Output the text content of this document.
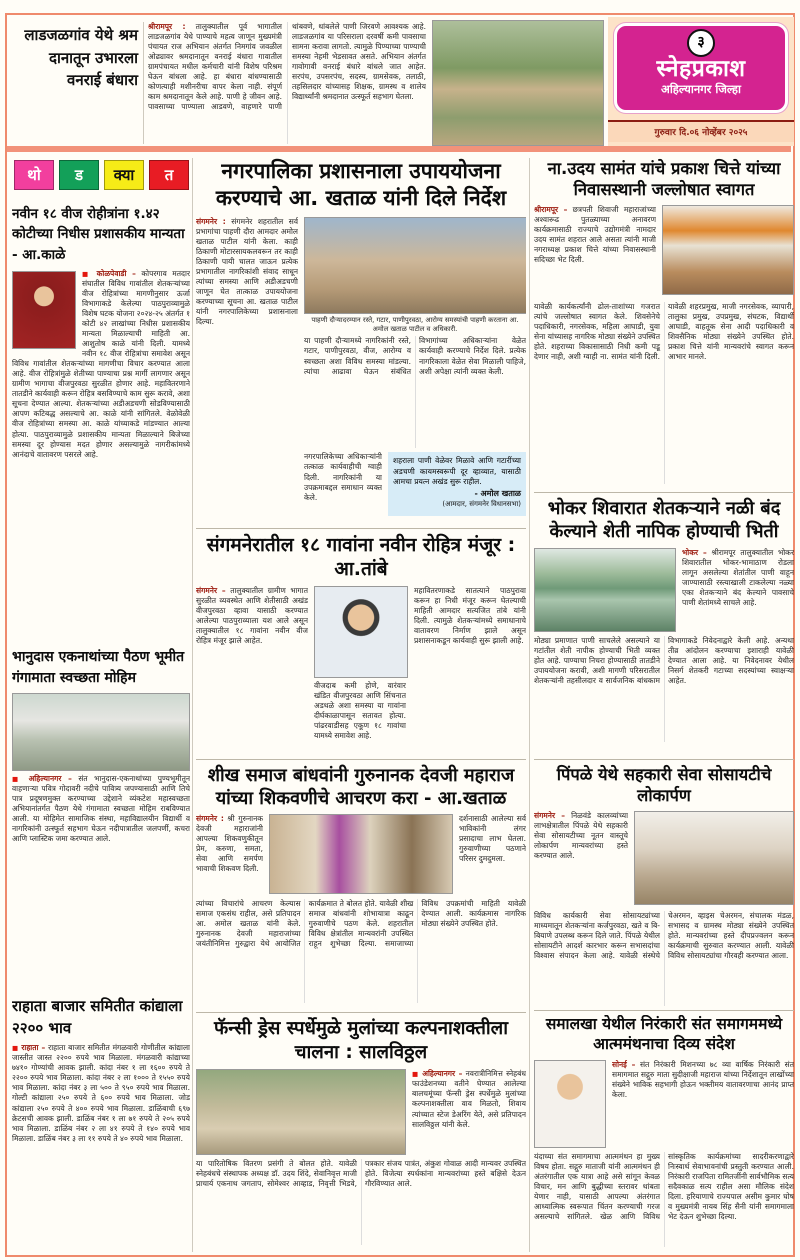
लाडजळगांव येथे श्रम दानातून उभारला वनराई बंधारा
श्रीरामपूर : तालुक्यातील पूर्व भागातील लाडजळगांव येथे पाण्याचे महत्व जाणून मुख्यमंत्री पंचायत राज अभियान अंतर्गत निमगांव जवळील ओढ्यावर श्रमदानातून वनराई बंधारा गावातील ग्रामपंचायत मधील कर्मचारी यांनी विशेष परिश्रम घेऊन बांधला आहे. हा बंधारा बांधण्यासाठी कोणत्याही मशीनरीचा वापर केला नाही. संपूर्ण काम श्रमदानातून केले आहे. पाणी हे जीवन आहे. पावसाच्या पाण्याला आडवणे, वाहणारे पाणी थांबवणे, थांबलेले पाणी जिरवणे आवश्यक आहे. लाडजळगांव या परिसराला दरवर्षी कमी पावसाचा सामना करावा लागतो. त्यामुळे पिण्याच्या पाण्याची समस्या नेहमी भेडसावत असते. अभियान अंतर्गत गावोगावी वनराई बंधारे बांधले जात आहेत. सरपंच, उपसरपंच, सदस्य, ग्रामसेवक, तलाठी, तहसिलदार यांच्यासह शिक्षक, ग्रामस्थ व शालेय विद्यार्थ्यांनी श्रमदानात उत्स्फूर्त सहभाग घेतला.
३
स्नेहप्रकाश
अहिल्यानगर जिल्हा
गुरुवार दि.०६ नोव्हेंबर २०२५
थो	ड	क्या	त
नवीन १८ वीज रोहीत्रांना १.४२ कोटीच्या निधीस प्रशासकीय मान्यता - आ.काळे
■ कोळपेवाडी – कोपरगाव मतदार संघातील विविध गावांतील शेतकऱ्यांच्या वीज रोहित्रांच्या मागणीनुसार ऊर्जा विभागाकडे केलेल्या पाठपुराव्यामुळे विशेष घटक योजना २०२४-२५ अंतर्गत १ कोटी ४२ लाखांच्या निधीस प्रशासकीय मान्यता मिळाल्याची माहिती आ. आशुतोष काळे यांनी दिली. यामध्ये नवीन १८ वीज रोहित्रांचा समावेश असून विविध गावांतील शेतकऱ्यांच्या मागणीचा विचार करण्यात आला आहे. वीज रोहित्रांमुळे शेतीच्या पाण्याचा प्रश्न मार्गी लागणार असून ग्रामीण भागाचा वीजपुरवठा सुरळीत होणार आहे. महावितरणाने तातडीने कार्यवाही करून रोहित्र बसविण्याचे काम सुरू करावे, अशा सूचना देण्यात आल्या. शेतकऱ्यांच्या अडीअडचणी सोडविण्यासाठी आपण कटिबद्ध असल्याचे आ. काळे यांनी सांगितले. वेळोवेळी वीज रोहित्रांच्या समस्या आ. काळे यांच्याकडे मांडण्यात आल्या होत्या. पाठपुराव्यामुळे प्रशासकीय मान्यता मिळाल्याने बिजेच्या समस्या दूर होण्यास मदत होणार असल्यामुळे नागरीकांमध्ये आनंदाचे वातावरण पसरले आहे.
भानुदास एकनाथांच्या पैठण भूमीत गंगामाता स्वच्छता मोहिम
■ अहिल्यानगर – संत भानुदास-एकनाथांच्या पुण्यभूमीतून वाहणाऱ्या पवित्र गोदावरी नदीचे पावित्र्य जपण्यासाठी आणि तिचे पात्र प्रदूषणमुक्त करण्याच्या उद्देशाने व्यंकटेश महास्वच्छता अभियानांतर्गत पैठण येथे गंगामाता स्वच्छता मोहिम राबविण्यात आली. या मोहिमेत सामाजिक संस्था, महाविद्यालयीन विद्यार्थी व नागरिकांनी उत्स्फूर्त सहभाग घेऊन नदीपात्रातील जलपर्णी, कचरा आणि प्लास्टिक जमा करण्यात आले.
राहाता बाजार समितीत कांद्याला २२०० भाव
■ राहाता – राहाता बाजार समितीत मंगळवारी गोणीतील कांद्याला जास्तीत जास्त २२०० रुपये भाव मिळाला. मंगळवारी कांद्याच्या ७४१० गोण्यांची आवक झाली. कांदा नंबर १ ला १६०० रुपये ते २२०० रुपये भाव मिळाला. कांदा नंबर २ ला १००० ते १५५० रुपये भाव मिळाला. कांदा नंबर ३ ला ५०० ते ९५० रुपये भाव मिळाला. गोल्टी कांद्याला २५० रुपये ते ६०० रुपये भाव मिळाला. जोड कांद्याला २५० रुपये ते ४०० रुपये भाव मिळाला. डाळिंबाची ६९७ क्रेटसची आवक झाली. डाळिंब नंबर १ ला ७१ रुपये ते २०५ रुपये भाव मिळाला. डाळिंब नंबर २ ला ४१ रुपये ते १४० रुपये भाव मिळाला. डाळिंब नंबर ३ ला ११ रुपये ते ४० रुपये भाव मिळाला.
नगरपालिका प्रशासनाला उपाययोजना करण्याचे आ. खताळ यांनी दिले निर्देश
संगमनेर : संगमनेर शहरातील सर्व प्रभागांचा पाहणी दौरा आमदार अमोल खताळ पाटील यांनी केला. काही ठिकाणी मोटारसायकलवरून तर काही ठिकाणी पायी चालत जाऊन प्रत्येक प्रभागातील नागरिकांशी संवाद साधून त्यांच्या समस्या आणि अडीअडचणी जाणून घेत तात्काळ उपाययोजना करण्याच्या सूचना आ. खताळ पाटील यांनी नगरपालिकेच्या प्रशासनाला दिल्या.	पाहणी दौऱ्यादरम्यान रस्ते, गटार, पाणीपुरवठा, आरोग्य समस्यांची पाहणी करताना आ. अमोल खताळ पाटील व अधिकारी.
या पाहणी दौऱ्यामध्ये नागरिकांनी रस्ते, गटार, पाणीपुरवठा, वीज, आरोग्य व स्वच्छता अशा विविध समस्या मांडल्या. त्यांचा आढावा घेऊन संबंधित विभागांच्या अधिकाऱ्यांना वेळेत कार्यवाही करण्याचे निर्देश दिले. प्रत्येक नागरिकाला वेळेत सेवा मिळाली पाहिजे, अशी अपेक्षा त्यांनी व्यक्त केली.
नगरपालिकेच्या अधिकाऱ्यांनी तत्काळ कार्यवाहीची ग्वाही दिली. नागरिकांनी या उपक्रमाबद्दल समाधान व्यक्त केले.
शहराला पाणी वेळेवर मिळावे आणि गटारींच्या अडचणी कायमस्वरूपी दूर व्हाव्यात, यासाठी आमचा प्रयत्न अखंड सुरू राहील.
- अमोल खताळ
(आमदार, संगमनेर विधानसभा)
संगमनेरातील १८ गावांना नवीन रोहित्र मंजूर : आ.तांबे
संगमनेर – तालुक्यातील ग्रामीण भागात सुरळीत व्यवस्थेत आणि शेतीसाठी अखंड वीजपुरवठा व्हावा यासाठी करण्यात आलेल्या पाठपुराव्याला यश आले असून तालुक्यातील १८ गावांना नवीन वीज रोहित्र मंजूर झाले आहेत.
वीजदाब कमी होणे, वारंवार खंडित वीजपुरवठा आणि सिंचनात अडथळे अशा समस्या या गावांना दीर्घकाळापासून सतावत होत्या. पांढरवाडीसह एकूण १८ गावांचा यामध्ये समावेश आहे.
महावितरणाकडे सातत्याने पाठपुरावा करून हा निधी मंजूर करून घेतल्याची माहिती आमदार सत्यजित तांबे यांनी दिली. त्यामुळे शेतकऱ्यांमध्ये समाधानाचे वातावरण निर्माण झाले असून प्रशासनाकडून कार्यवाही सुरू झाली आहे.
शीख समाज बांधवांनी गुरुनानक देवजी महाराज यांच्या शिकवणीचे आचरण करा - आ.खताळ
संगमनेर : श्री गुरुनानक देवजी महाराजांनी आपल्या शिकवणुकीतून प्रेम, करुणा, समता, सेवा आणि समर्पण भावाची शिकवण दिली.
दर्शनासाठी आलेल्या सर्व भाविकांनी लंगर प्रसादाचा लाभ घेतला. गुरुवाणीच्या पठणाने परिसर दुमदुमला.
त्यांच्या विचारांचे आचरण केल्यास समाज एकसंध राहील, असे प्रतिपादन आ. अमोल खताळ यांनी केले. गुरुनानक देवजी महाराजांच्या जयंतीनिमित्त गुरुद्वारा येथे आयोजित कार्यक्रमात ते बोलत होते. यावेळी शीख समाज बांधवांनी शोभायात्रा काढून गुरुवाणीचे पठण केले. शहरातील विविध क्षेत्रांतील मान्यवरांनी उपस्थित राहून शुभेच्छा दिल्या. समाजाच्या विविध उपक्रमांची माहिती यावेळी देण्यात आली. कार्यक्रमास नागरिक मोठ्या संख्येने उपस्थित होते.
फॅन्सी ड्रेस स्पर्धेमुळे मुलांच्या कल्पनाशक्तीला चालना : सालविठ्ठल
■ अहिल्यानगर – नवरात्रीनिमित्त स्नेहबंध फाउंडेशनच्या वतीने घेण्यात आलेल्या बालचमूंच्या फॅन्सी ड्रेस स्पर्धेमुळे मुलांच्या कल्पनाशक्तीला वाव मिळतो, शिवाय त्यांच्यात स्टेज डेअरिंग येते, असे प्रतिपादन सालविठ्ठल यांनी केले.
या पारितोषिक वितरण प्रसंगी ते बोलत होते. यावेळी स्नेहबंधचे संस्थापक अध्यक्ष डॉ. उदय शिंदे, सेवानिवृत्त माजी प्राचार्य एकनाथ जगताप, सोमेश्वर आव्हाड, निवृत्ती भिडवे, पत्रकार संजय पात्रंत, अंकुश गोवाळ आदी मान्यवर उपस्थित होते. विजेत्या स्पर्धकांना मान्यवरांच्या हस्ते बक्षिसे देऊन गौरविण्यात आले.
ना.उदय सामंत यांचे प्रकाश चित्ते यांच्या निवासस्थानी जल्लोषात स्वागत
श्रीरामपूर – छत्रपती शिवाजी महाराजांच्या अश्वारूढ पुतळ्याच्या अनावरण कार्यक्रमासाठी राज्याचे उद्योगमंत्री नामदार उदय सामंत शहरात आले असता त्यांनी माजी नगराध्यक्ष प्रकाश चित्ते यांच्या निवासस्थानी सदिच्छा भेट दिली.
यावेळी कार्यकर्त्यांनी ढोल-ताशांच्या गजरात त्यांचे जल्लोषात स्वागत केले. शिवसेनेचे पदाधिकारी, नगरसेवक, महिला आघाडी, युवा सेना यांच्यासह नागरिक मोठ्या संख्येने उपस्थित होते. शहराच्या विकासासाठी निधी कमी पडू देणार नाही, अशी ग्वाही ना. सामंत यांनी दिली. यावेळी शहरप्रमुख, माजी नगरसेवक, व्यापारी, तालुका प्रमुख, उपप्रमुख, संघटक, विद्यार्थी आघाडी, वाहतूक सेना आदी पदाधिकारी व शिवसैनिक मोठ्या संख्येने उपस्थित होते. प्रकाश चित्ते यांनी मान्यवरांचे स्वागत करून आभार मानले.
भोकर शिवारात शेतकऱ्याने नळी बंद केल्याने शेती नापिक होण्याची भिती
भोकर – श्रीरामपूर तालुक्यातील भोकर शिवारातील भोकर-भामाठाण रोडला लागून असलेल्या शेतांतील पाणी वाहून जाण्यासाठी रस्त्याखाली टाकलेल्या नळ्या एका शेतकऱ्याने बंद केल्याने पावसाचे पाणी शेतांमध्ये साचले आहे.
मोठ्या प्रमाणात पाणी साचलेले असल्याने या गटांतील शेती नापीक होण्याची भिती व्यक्त होत आहे. पाण्याचा निचरा होण्यासाठी तातडीने उपाययोजना करावी, अशी मागणी परिसरातील शेतकऱ्यांनी तहसीलदार व सार्वजनिक बांधकाम विभागाकडे निवेदनाद्वारे केली आहे. अन्यथा तीव्र आंदोलन करण्याचा इशाराही यावेळी देण्यात आला आहे. या निवेदनावर येथील निसर्ग शेतकरी गटाच्या सदस्यांच्या स्वाक्षऱ्या आहेत.
पिंपळे येथे सहकारी सेवा सोसायटीचे लोकार्पण
संगमनेर – निळवंडे कालव्यांच्या लाभक्षेत्रातील पिंपळे येथे सहकारी सेवा सोसायटीच्या नूतन वास्तूचे लोकार्पण मान्यवरांच्या हस्ते करण्यात आले.
विविध कार्यकारी सेवा सोसायट्यांच्या माध्यमातून शेतकऱ्यांना कर्जपुरवठा, खते व बि-बियाणे उपलब्ध करून दिले जाते. पिंपळे येथील सोसायटीने आदर्श कारभार करून सभासदांचा विश्वास संपादन केला आहे. यावेळी संस्थेचे चेअरमन, व्हाइस चेअरमन, संचालक मंडळ, सभासद व ग्रामस्थ मोठ्या संख्येने उपस्थित होते. मान्यवरांच्या हस्ते दीपप्रज्वलन करून कार्यक्रमाची सुरुवात करण्यात आली. यावेळी विविध सोसायट्यांचा गौरवही करण्यात आला.
समालखा येथील निरंकारी संत समागममध्ये आत्ममंथनाचा दिव्य संदेश
सोनई – संत निरंकारी मिशनच्या ७८ व्या वार्षिक निरंकारी संत समागमात सद्गुरु माता सुदीक्षाजी महाराज यांच्या निर्देशातून लाखोंच्या संख्येने भाविक सहभागी होऊन भक्तीमय वातावरणाचा आनंद प्राप्त केला.
यंदाच्या संत समागमाचा आत्ममंथन हा मुख्य विषय होता. सद्गुरु माताजी यांनी आत्ममंथन ही अंतरंगातील एक यात्रा आहे असे सांगून केवळ विचार, मन आणि बुद्धीच्या स्तरावर थांबता येणार नाही, यासाठी आपल्या अंतरंगात आध्यात्मिक स्वरूपात चिंतन करण्याची गरज असल्याचे सांगितले. खेळ आणि विविध सांस्कृतिक कार्यक्रमांच्या सादरीकरणाद्वारे निःस्वार्थ सेवाभावनांची प्रस्तुती करण्यात आली. निरंकारी राजपिता रामितजींनी सार्वभौमिक सत्य सदैवकाळ सत्य राहील असा मौलिक संदेश दिला. हरियाणाचे राज्यपाल असीम कुमार घोष व मुख्यमंत्री नायब सिंह सैनी यांनी समागमाला भेट देऊन शुभेच्छा दिल्या.
